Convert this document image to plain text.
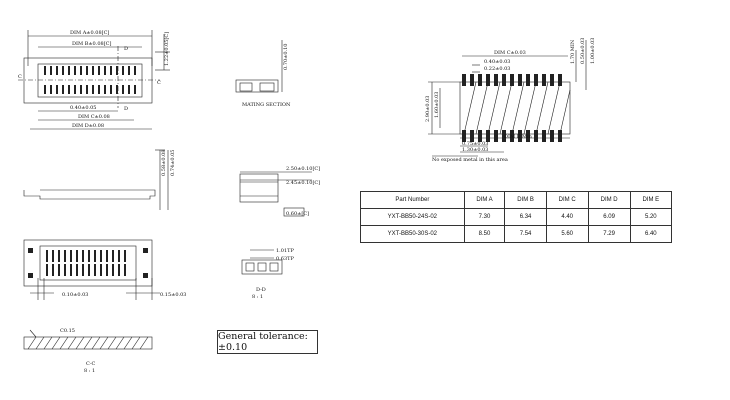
DIM A±0.08[C]
DIM B±0.08[C]	1.22±0.05[C]
0.40±0.05
DIM C±0.08
DIM D±0.08
C
C
D
D
0.58±0.08 0.74±0.05
0.10±0.03	0.15±0.03
C0.15
C-C
8 : 1
0.70±0.10
MATING SECTION
2.50±0.10[C]
2.45±0.10[C]
0.60±[C]
1.01TP
0.63TP
D-D
8 : 1
DIM C±0.03
0.40±0.03
0.22±0.03
1.70 MIN 0.50±0.03 1.00±0.03
2.90±0.03 1.60±0.03
DIM E Min
0.75±0.03
1.30±0.03
No exposed metal in this area
Part Number	DIM A	DIM B	DIM C	DIM D	DIM E
YXT-BB50-24S-02	7.30	6.34	4.40	6.09	5.20
YXT-BB50-30S-02	8.50	7.54	5.60	7.29	6.40
General tolerance:±0.10
